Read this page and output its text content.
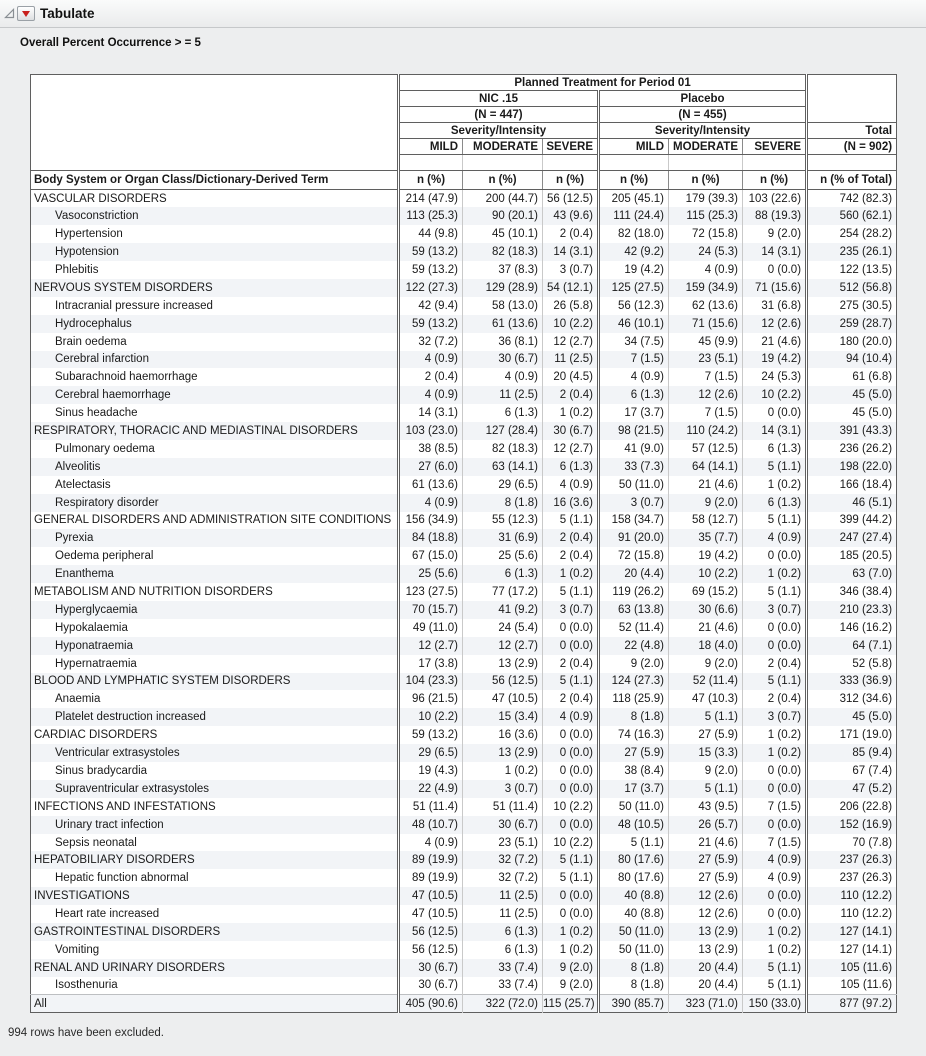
Tabulate
Overall Percent Occurrence > = 5
	Planned Treatment for Period 01						
	NIC .15			Placebo			
	(N = 447)			(N = 455)			
	Severity/Intensity			Severity/Intensity			Total
	MILD	MODERATE	SEVERE	MILD	MODERATE	SEVERE	(N = 902)

Body System or Organ Class/Dictionary-Derived Term	n (%)	n (%)	n (%)	n (%)	n (%)	n (%)	n (% of Total)
VASCULAR DISORDERS	214 (47.9)	200 (44.7)	56 (12.5)	205 (45.1)	179 (39.3)	103 (22.6)	742 (82.3)
Vasoconstriction	113 (25.3)	90 (20.1)	43 (9.6)	111 (24.4)	115 (25.3)	88 (19.3)	560 (62.1)
Hypertension	44 (9.8)	45 (10.1)	2 (0.4)	82 (18.0)	72 (15.8)	9 (2.0)	254 (28.2)
Hypotension	59 (13.2)	82 (18.3)	14 (3.1)	42 (9.2)	24 (5.3)	14 (3.1)	235 (26.1)
Phlebitis	59 (13.2)	37 (8.3)	3 (0.7)	19 (4.2)	4 (0.9)	0 (0.0)	122 (13.5)
NERVOUS SYSTEM DISORDERS	122 (27.3)	129 (28.9)	54 (12.1)	125 (27.5)	159 (34.9)	71 (15.6)	512 (56.8)
Intracranial pressure increased	42 (9.4)	58 (13.0)	26 (5.8)	56 (12.3)	62 (13.6)	31 (6.8)	275 (30.5)
Hydrocephalus	59 (13.2)	61 (13.6)	10 (2.2)	46 (10.1)	71 (15.6)	12 (2.6)	259 (28.7)
Brain oedema	32 (7.2)	36 (8.1)	12 (2.7)	34 (7.5)	45 (9.9)	21 (4.6)	180 (20.0)
Cerebral infarction	4 (0.9)	30 (6.7)	11 (2.5)	7 (1.5)	23 (5.1)	19 (4.2)	94 (10.4)
Subarachnoid haemorrhage	2 (0.4)	4 (0.9)	20 (4.5)	4 (0.9)	7 (1.5)	24 (5.3)	61 (6.8)
Cerebral haemorrhage	4 (0.9)	11 (2.5)	2 (0.4)	6 (1.3)	12 (2.6)	10 (2.2)	45 (5.0)
Sinus headache	14 (3.1)	6 (1.3)	1 (0.2)	17 (3.7)	7 (1.5)	0 (0.0)	45 (5.0)
RESPIRATORY, THORACIC AND MEDIASTINAL DISORDERS	103 (23.0)	127 (28.4)	30 (6.7)	98 (21.5)	110 (24.2)	14 (3.1)	391 (43.3)
Pulmonary oedema	38 (8.5)	82 (18.3)	12 (2.7)	41 (9.0)	57 (12.5)	6 (1.3)	236 (26.2)
Alveolitis	27 (6.0)	63 (14.1)	6 (1.3)	33 (7.3)	64 (14.1)	5 (1.1)	198 (22.0)
Atelectasis	61 (13.6)	29 (6.5)	4 (0.9)	50 (11.0)	21 (4.6)	1 (0.2)	166 (18.4)
Respiratory disorder	4 (0.9)	8 (1.8)	16 (3.6)	3 (0.7)	9 (2.0)	6 (1.3)	46 (5.1)
GENERAL DISORDERS AND ADMINISTRATION SITE CONDITIONS	156 (34.9)	55 (12.3)	5 (1.1)	158 (34.7)	58 (12.7)	5 (1.1)	399 (44.2)
Pyrexia	84 (18.8)	31 (6.9)	2 (0.4)	91 (20.0)	35 (7.7)	4 (0.9)	247 (27.4)
Oedema peripheral	67 (15.0)	25 (5.6)	2 (0.4)	72 (15.8)	19 (4.2)	0 (0.0)	185 (20.5)
Enanthema	25 (5.6)	6 (1.3)	1 (0.2)	20 (4.4)	10 (2.2)	1 (0.2)	63 (7.0)
METABOLISM AND NUTRITION DISORDERS	123 (27.5)	77 (17.2)	5 (1.1)	119 (26.2)	69 (15.2)	5 (1.1)	346 (38.4)
Hyperglycaemia	70 (15.7)	41 (9.2)	3 (0.7)	63 (13.8)	30 (6.6)	3 (0.7)	210 (23.3)
Hypokalaemia	49 (11.0)	24 (5.4)	0 (0.0)	52 (11.4)	21 (4.6)	0 (0.0)	146 (16.2)
Hyponatraemia	12 (2.7)	12 (2.7)	0 (0.0)	22 (4.8)	18 (4.0)	0 (0.0)	64 (7.1)
Hypernatraemia	17 (3.8)	13 (2.9)	2 (0.4)	9 (2.0)	9 (2.0)	2 (0.4)	52 (5.8)
BLOOD AND LYMPHATIC SYSTEM DISORDERS	104 (23.3)	56 (12.5)	5 (1.1)	124 (27.3)	52 (11.4)	5 (1.1)	333 (36.9)
Anaemia	96 (21.5)	47 (10.5)	2 (0.4)	118 (25.9)	47 (10.3)	2 (0.4)	312 (34.6)
Platelet destruction increased	10 (2.2)	15 (3.4)	4 (0.9)	8 (1.8)	5 (1.1)	3 (0.7)	45 (5.0)
CARDIAC DISORDERS	59 (13.2)	16 (3.6)	0 (0.0)	74 (16.3)	27 (5.9)	1 (0.2)	171 (19.0)
Ventricular extrasystoles	29 (6.5)	13 (2.9)	0 (0.0)	27 (5.9)	15 (3.3)	1 (0.2)	85 (9.4)
Sinus bradycardia	19 (4.3)	1 (0.2)	0 (0.0)	38 (8.4)	9 (2.0)	0 (0.0)	67 (7.4)
Supraventricular extrasystoles	22 (4.9)	3 (0.7)	0 (0.0)	17 (3.7)	5 (1.1)	0 (0.0)	47 (5.2)
INFECTIONS AND INFESTATIONS	51 (11.4)	51 (11.4)	10 (2.2)	50 (11.0)	43 (9.5)	7 (1.5)	206 (22.8)
Urinary tract infection	48 (10.7)	30 (6.7)	0 (0.0)	48 (10.5)	26 (5.7)	0 (0.0)	152 (16.9)
Sepsis neonatal	4 (0.9)	23 (5.1)	10 (2.2)	5 (1.1)	21 (4.6)	7 (1.5)	70 (7.8)
HEPATOBILIARY DISORDERS	89 (19.9)	32 (7.2)	5 (1.1)	80 (17.6)	27 (5.9)	4 (0.9)	237 (26.3)
Hepatic function abnormal	89 (19.9)	32 (7.2)	5 (1.1)	80 (17.6)	27 (5.9)	4 (0.9)	237 (26.3)
INVESTIGATIONS	47 (10.5)	11 (2.5)	0 (0.0)	40 (8.8)	12 (2.6)	0 (0.0)	110 (12.2)
Heart rate increased	47 (10.5)	11 (2.5)	0 (0.0)	40 (8.8)	12 (2.6)	0 (0.0)	110 (12.2)
GASTROINTESTINAL DISORDERS	56 (12.5)	6 (1.3)	1 (0.2)	50 (11.0)	13 (2.9)	1 (0.2)	127 (14.1)
Vomiting	56 (12.5)	6 (1.3)	1 (0.2)	50 (11.0)	13 (2.9)	1 (0.2)	127 (14.1)
RENAL AND URINARY DISORDERS	30 (6.7)	33 (7.4)	9 (2.0)	8 (1.8)	20 (4.4)	5 (1.1)	105 (11.6)
Isosthenuria	30 (6.7)	33 (7.4)	9 (2.0)	8 (1.8)	20 (4.4)	5 (1.1)	105 (11.6)
All	405 (90.6)	322 (72.0)	115 (25.7)	390 (85.7)	323 (71.0)	150 (33.0)	877 (97.2)
994 rows have been excluded.
